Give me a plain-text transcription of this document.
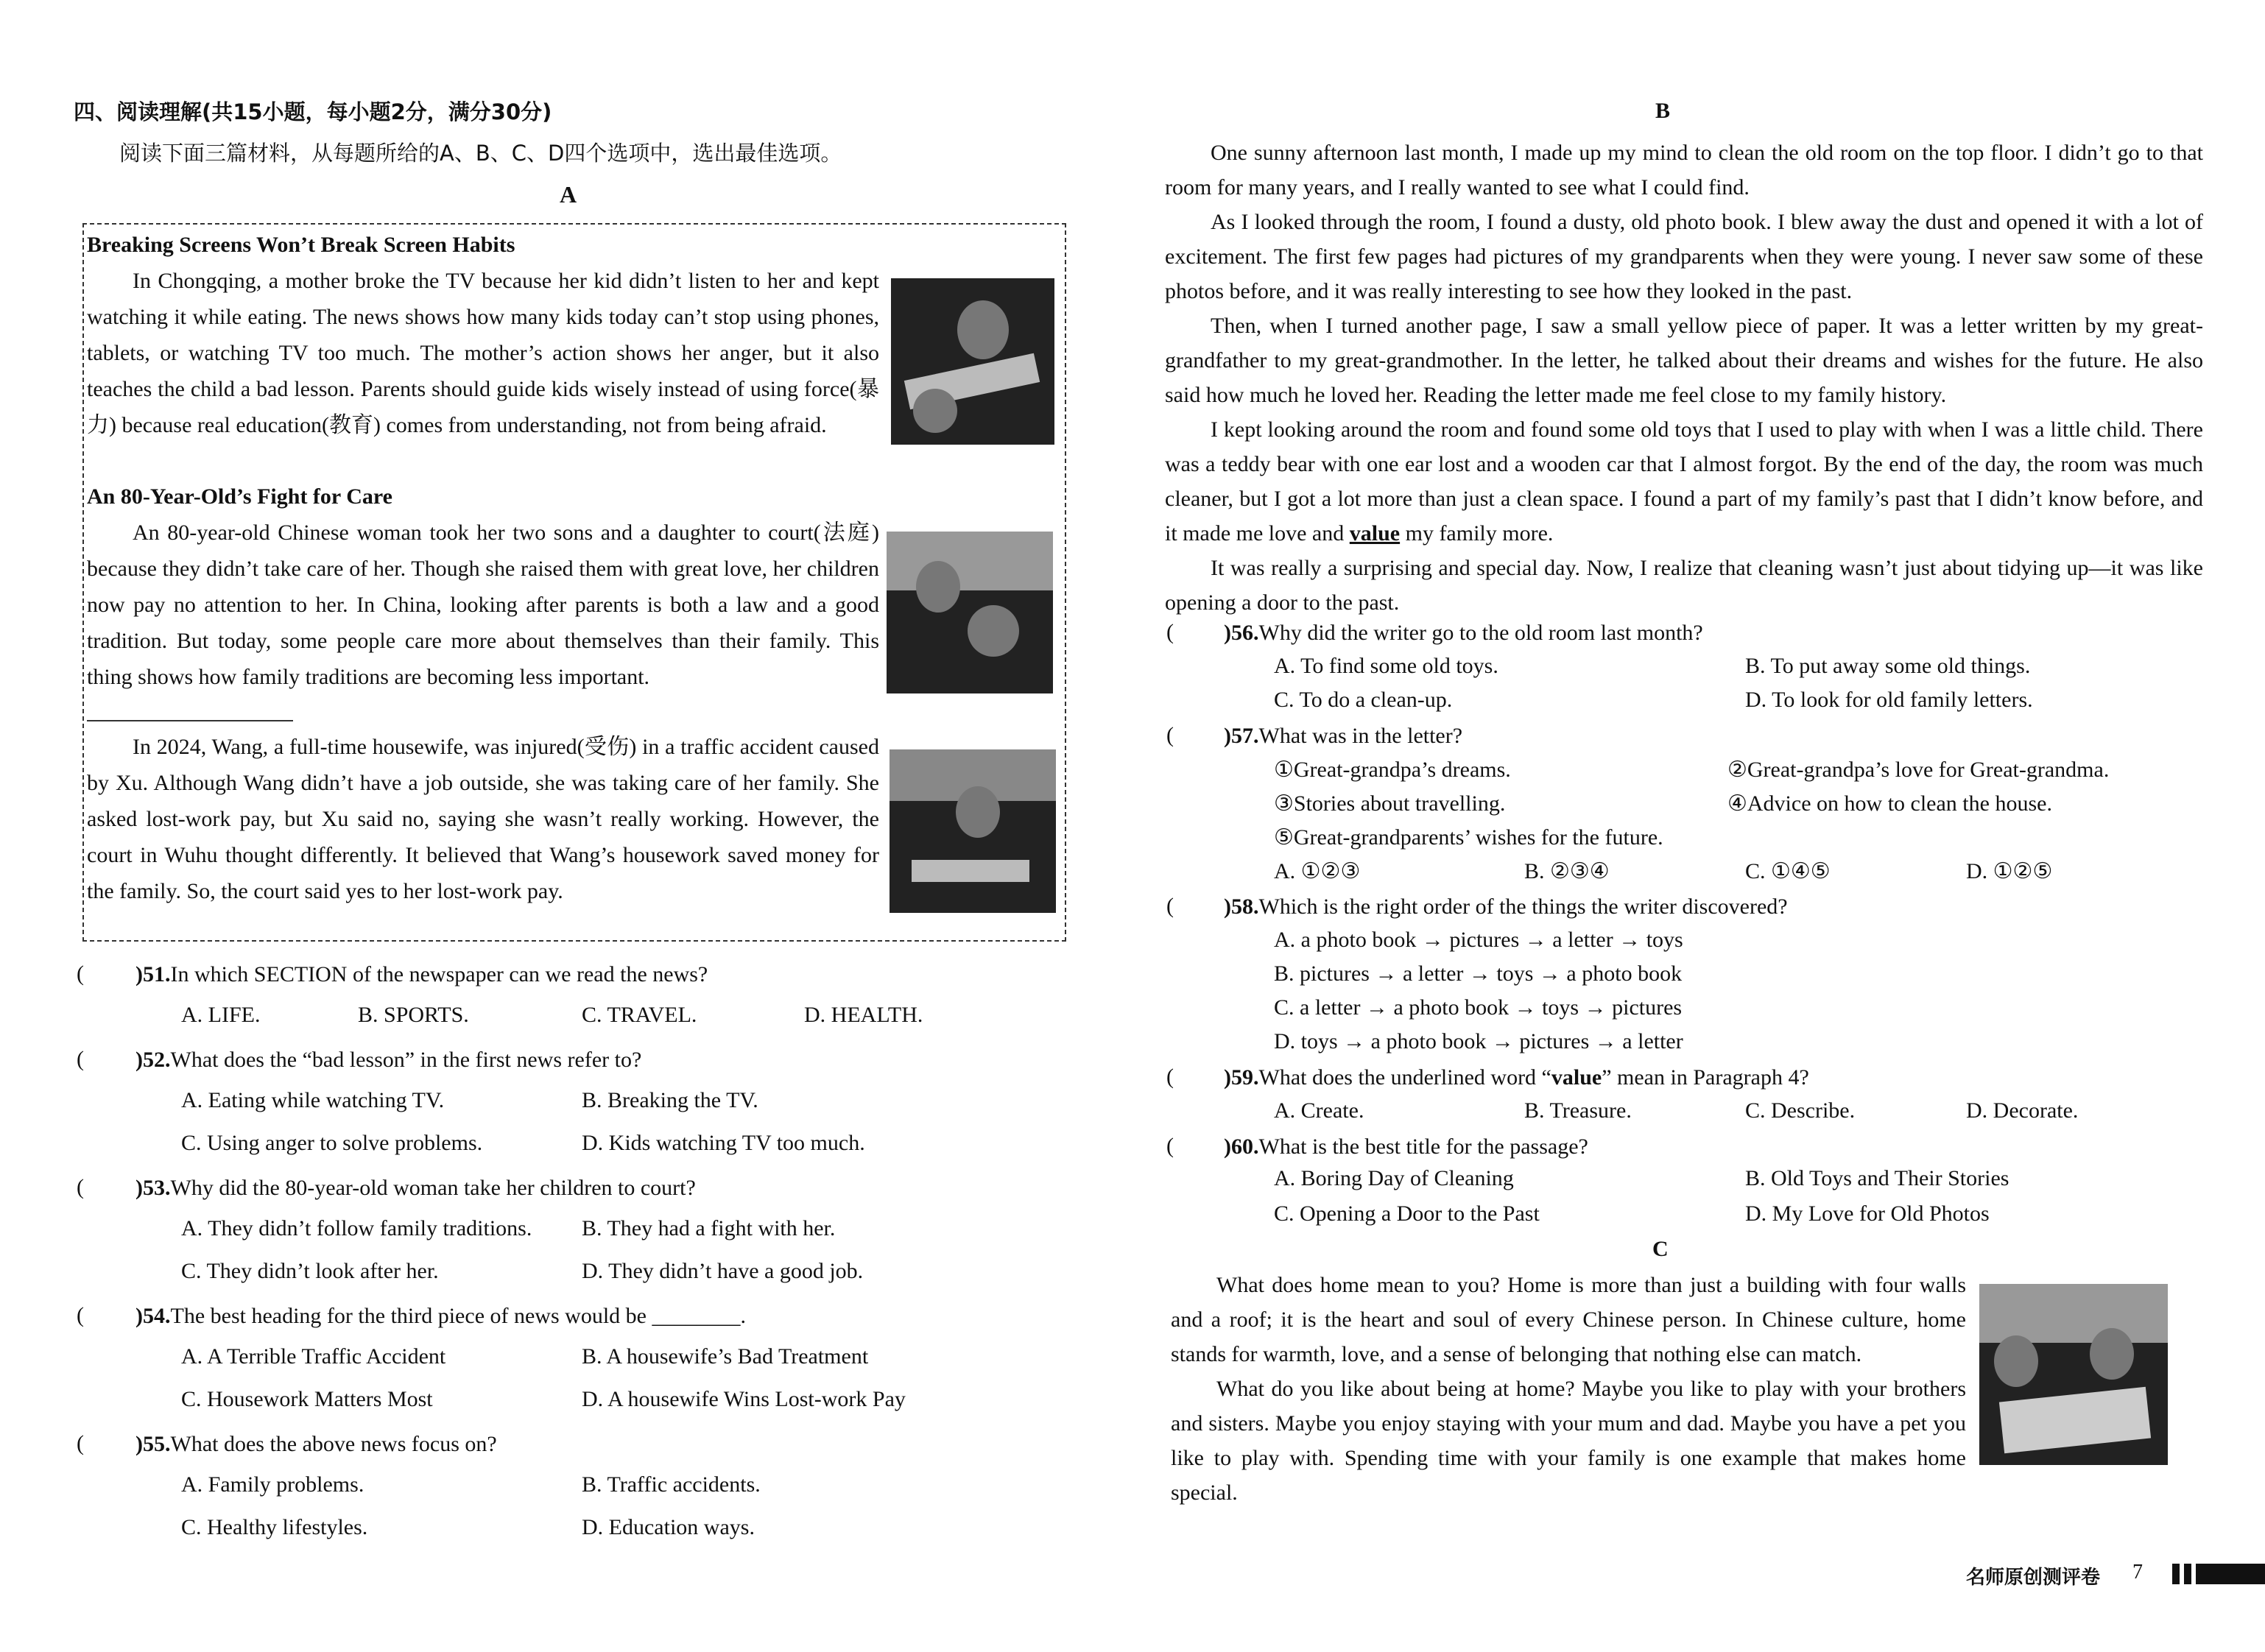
四、阅读理解(共15小题，每小题2分，满分30分)
阅读下面三篇材料，从每题所给的A、B、C、D四个选项中，选出最佳选项。
A
Breaking Screens Won’t Break Screen Habits

In Chongqing, a mother broke the TV because her kid didn’t listen to her and kept watching it while eating. The news shows how many kids today can’t stop using phones, tablets, or watching TV too much. The mother’s action shows her anger, but it also teaches the child a bad lesson. Parents should guide kids wisely instead of using force(暴力) because real education(教育) comes from understanding, not from being afraid.

An 80-Year-Old’s Fight for Care

An 80-year-old Chinese woman took her two sons and a daughter to court(法庭) because they didn’t take care of her. Though she raised them with great love, her children now pay no attention to her. In China, looking after parents is both a law and a good tradition. But today, some people care more about themselves than their family. This thing shows how family traditions are becoming less important.

In 2024, Wang, a full-time housewife, was injured(受伤) in a traffic accident caused by Xu. Although Wang didn’t have a job outside, she was taking care of her family. She asked lost-work pay, but Xu said no, saying she wasn’t really working. However, the court in Wuhu thought differently. It believed that Wang’s housework saved money for the family. So, the court said yes to her lost-work pay.

( )51.In which SECTION of the newspaper can we read the news?
A. LIFE.	B. SPORTS.	C. TRAVEL.	D. HEALTH.
( )52.What does the “bad lesson” in the first news refer to?
A. Eating while watching TV.	B. Breaking the TV.
C. Using anger to solve problems.	D. Kids watching TV too much.
( )53.Why did the 80-year-old woman take her children to court?
A. They didn’t follow family traditions. B. They had a fight with her.
C. They didn’t look after her.	D. They didn’t have a good job.
( )54.The best heading for the third piece of news would be ________.
A. A Terrible Traffic Accident	B. A housewife’s Bad Treatment
C. Housework Matters Most	D. A housewife Wins Lost-work Pay
( )55.What does the above news focus on?
A. Family problems.	B. Traffic accidents.
C. Healthy lifestyles.	D. Education ways.
B

One sunny afternoon last month, I made up my mind to clean the old room on the top floor. I didn’t go to that room for many years, and I really wanted to see what I could find.

As I looked through the room, I found a dusty, old photo book. I blew away the dust and opened it with a lot of excitement. The first few pages had pictures of my grandparents when they were young. I never saw some of these photos before, and it was really interesting to see how they looked in the past.

Then, when I turned another page, I saw a small yellow piece of paper. It was a letter written by my great-grandfather to my great-grandmother. In the letter, he talked about their dreams and wishes for the future. He also said how much he loved her. Reading the letter made me feel close to my family history.

I kept looking around the room and found some old toys that I used to play with when I was a little child. There was a teddy bear with one ear lost and a wooden car that I almost forgot. By the end of the day, the room was much cleaner, but I got a lot more than just a clean space. I found a part of my family’s past that I didn’t know before, and it made me love and value my family more.

It was really a surprising and special day. Now, I realize that cleaning wasn’t just about tidying up—it was like opening a door to the past.

( )56.Why did the writer go to the old room last month?
A. To find some old toys.	B. To put away some old things.
C. To do a clean-up.	D. To look for old family letters.
( )57.What was in the letter?
①Great-grandpa’s dreams.	②Great-grandpa’s love for Great-grandma.
③Stories about travelling.	④Advice on how to clean the house.
⑤Great-grandparents’ wishes for the future.
A. ①②③	B. ②③④	C. ①④⑤	D. ①②⑤
( )58.Which is the right order of the things the writer discovered?
A. a photo book → pictures → a letter → toys
B. pictures → a letter → toys → a photo book
C. a letter → a photo book → toys → pictures
D. toys → a photo book → pictures → a letter
( )59.What does the underlined word “value” mean in Paragraph 4?
A. Create.	B. Treasure.	C. Describe.	D. Decorate.
( )60.What is the best title for the passage?
A. Boring Day of Cleaning	B. Old Toys and Their Stories
C. Opening a Door to the Past	D. My Love for Old Photos
C

What does home mean to you? Home is more than just a building with four walls and a roof; it is the heart and soul of every Chinese person. In Chinese culture, home stands for warmth, love, and a sense of belonging that nothing else can match.

What do you like about being at home? Maybe you like to play with your brothers and sisters. Maybe you enjoy staying with your mum and dad. Maybe you have a pet you like to play with. Spending time with your family is one example that makes home special.

名师原创测评卷 7
